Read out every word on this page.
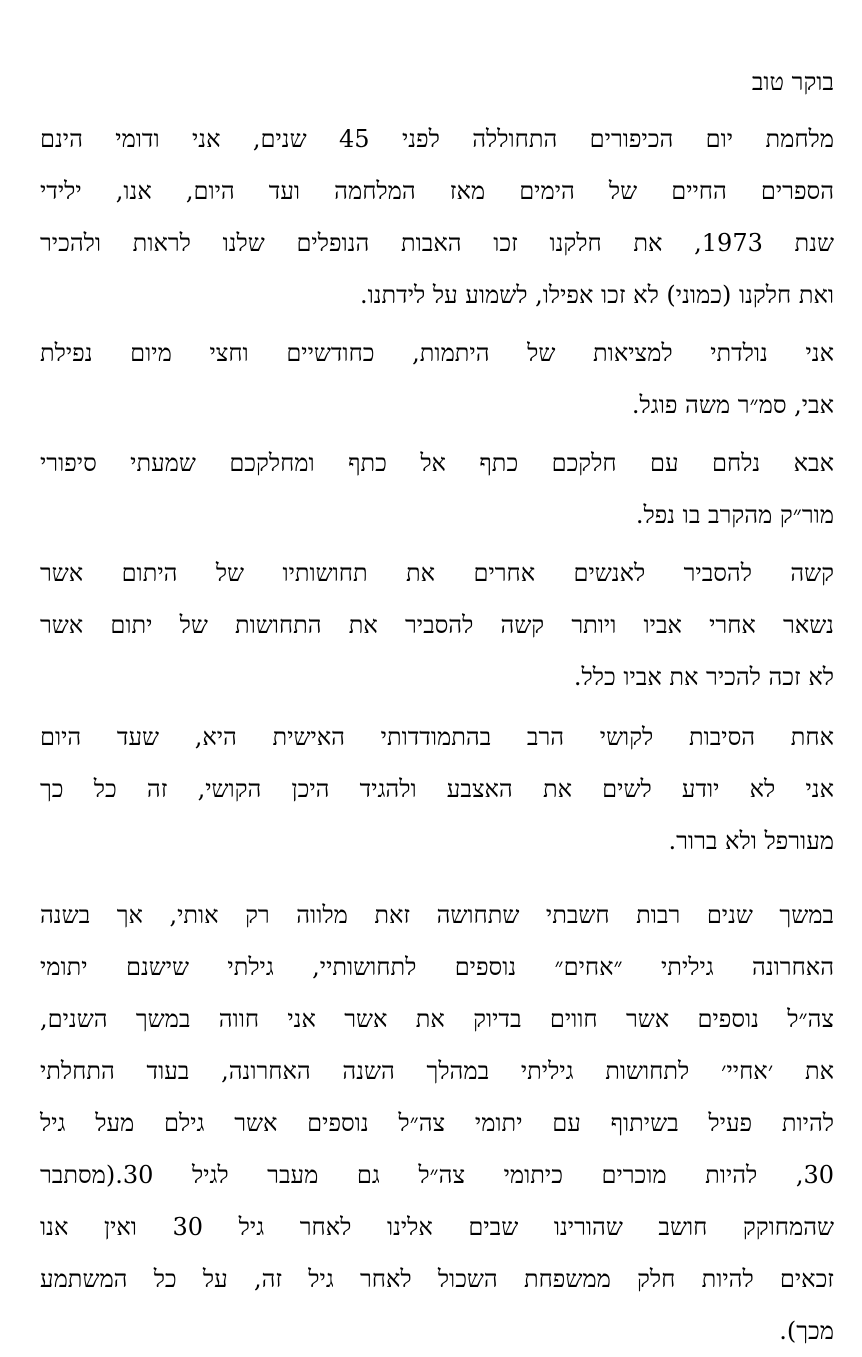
בוקר טוב

מלחמת יום הכיפורים התחוללה לפני 45 שנים, אני ודומי הינם
הספרים החיים של הימים מאז המלחמה ועד היום, אנו, ילידי
שנת 1973, את חלקנו זכו האבות הנופלים שלנו לראות ולהכיר
ואת חלקנו (כמוני) לא זכו אפילו, לשמוע על לידתנו.

אני נולדתי למציאות של היתמות, כחודשיים וחצי מיום נפילת
אבי, סמ״ר משה פוגל.

אבא נלחם עם חלקכם כתף אל כתף ומחלקכם שמעתי סיפורי
מור״ק מהקרב בו נפל.

קשה להסביר לאנשים אחרים את תחושותיו של היתום אשר
נשאר אחרי אביו ויותר קשה להסביר את התחושות של יתום אשר
לא זכה להכיר את אביו כלל.

אחת הסיבות לקושי הרב בהתמודדותי האישית היא, שעד היום
אני לא יודע לשים את האצבע ולהגיד היכן הקושי, זה כל כך
מעורפל ולא ברור.

במשך שנים רבות חשבתי שתחושה זאת מלווה רק אותי, אך בשנה
האחרונה גיליתי ״אחים״ נוספים לתחושותיי, גילתי שישנם יתומי
צה״ל נוספים אשר חווים בדיוק את אשר אני חווה במשך השנים,
את ׳אחיי׳ לתחושות גיליתי במהלך השנה האחרונה, בעוד התחלתי
להיות פעיל בשיתוף עם יתומי צה״ל נוספים אשר גילם מעל גיל
30, להיות מוכרים כיתומי צה״ל גם מעבר לגיל 30.(מסתבר
שהמחוקק חושב שהורינו שבים אלינו לאחר גיל 30 ואין אנו
זכאים להיות חלק ממשפחת השכול לאחר גיל זה, על כל המשתמע
מכך).
